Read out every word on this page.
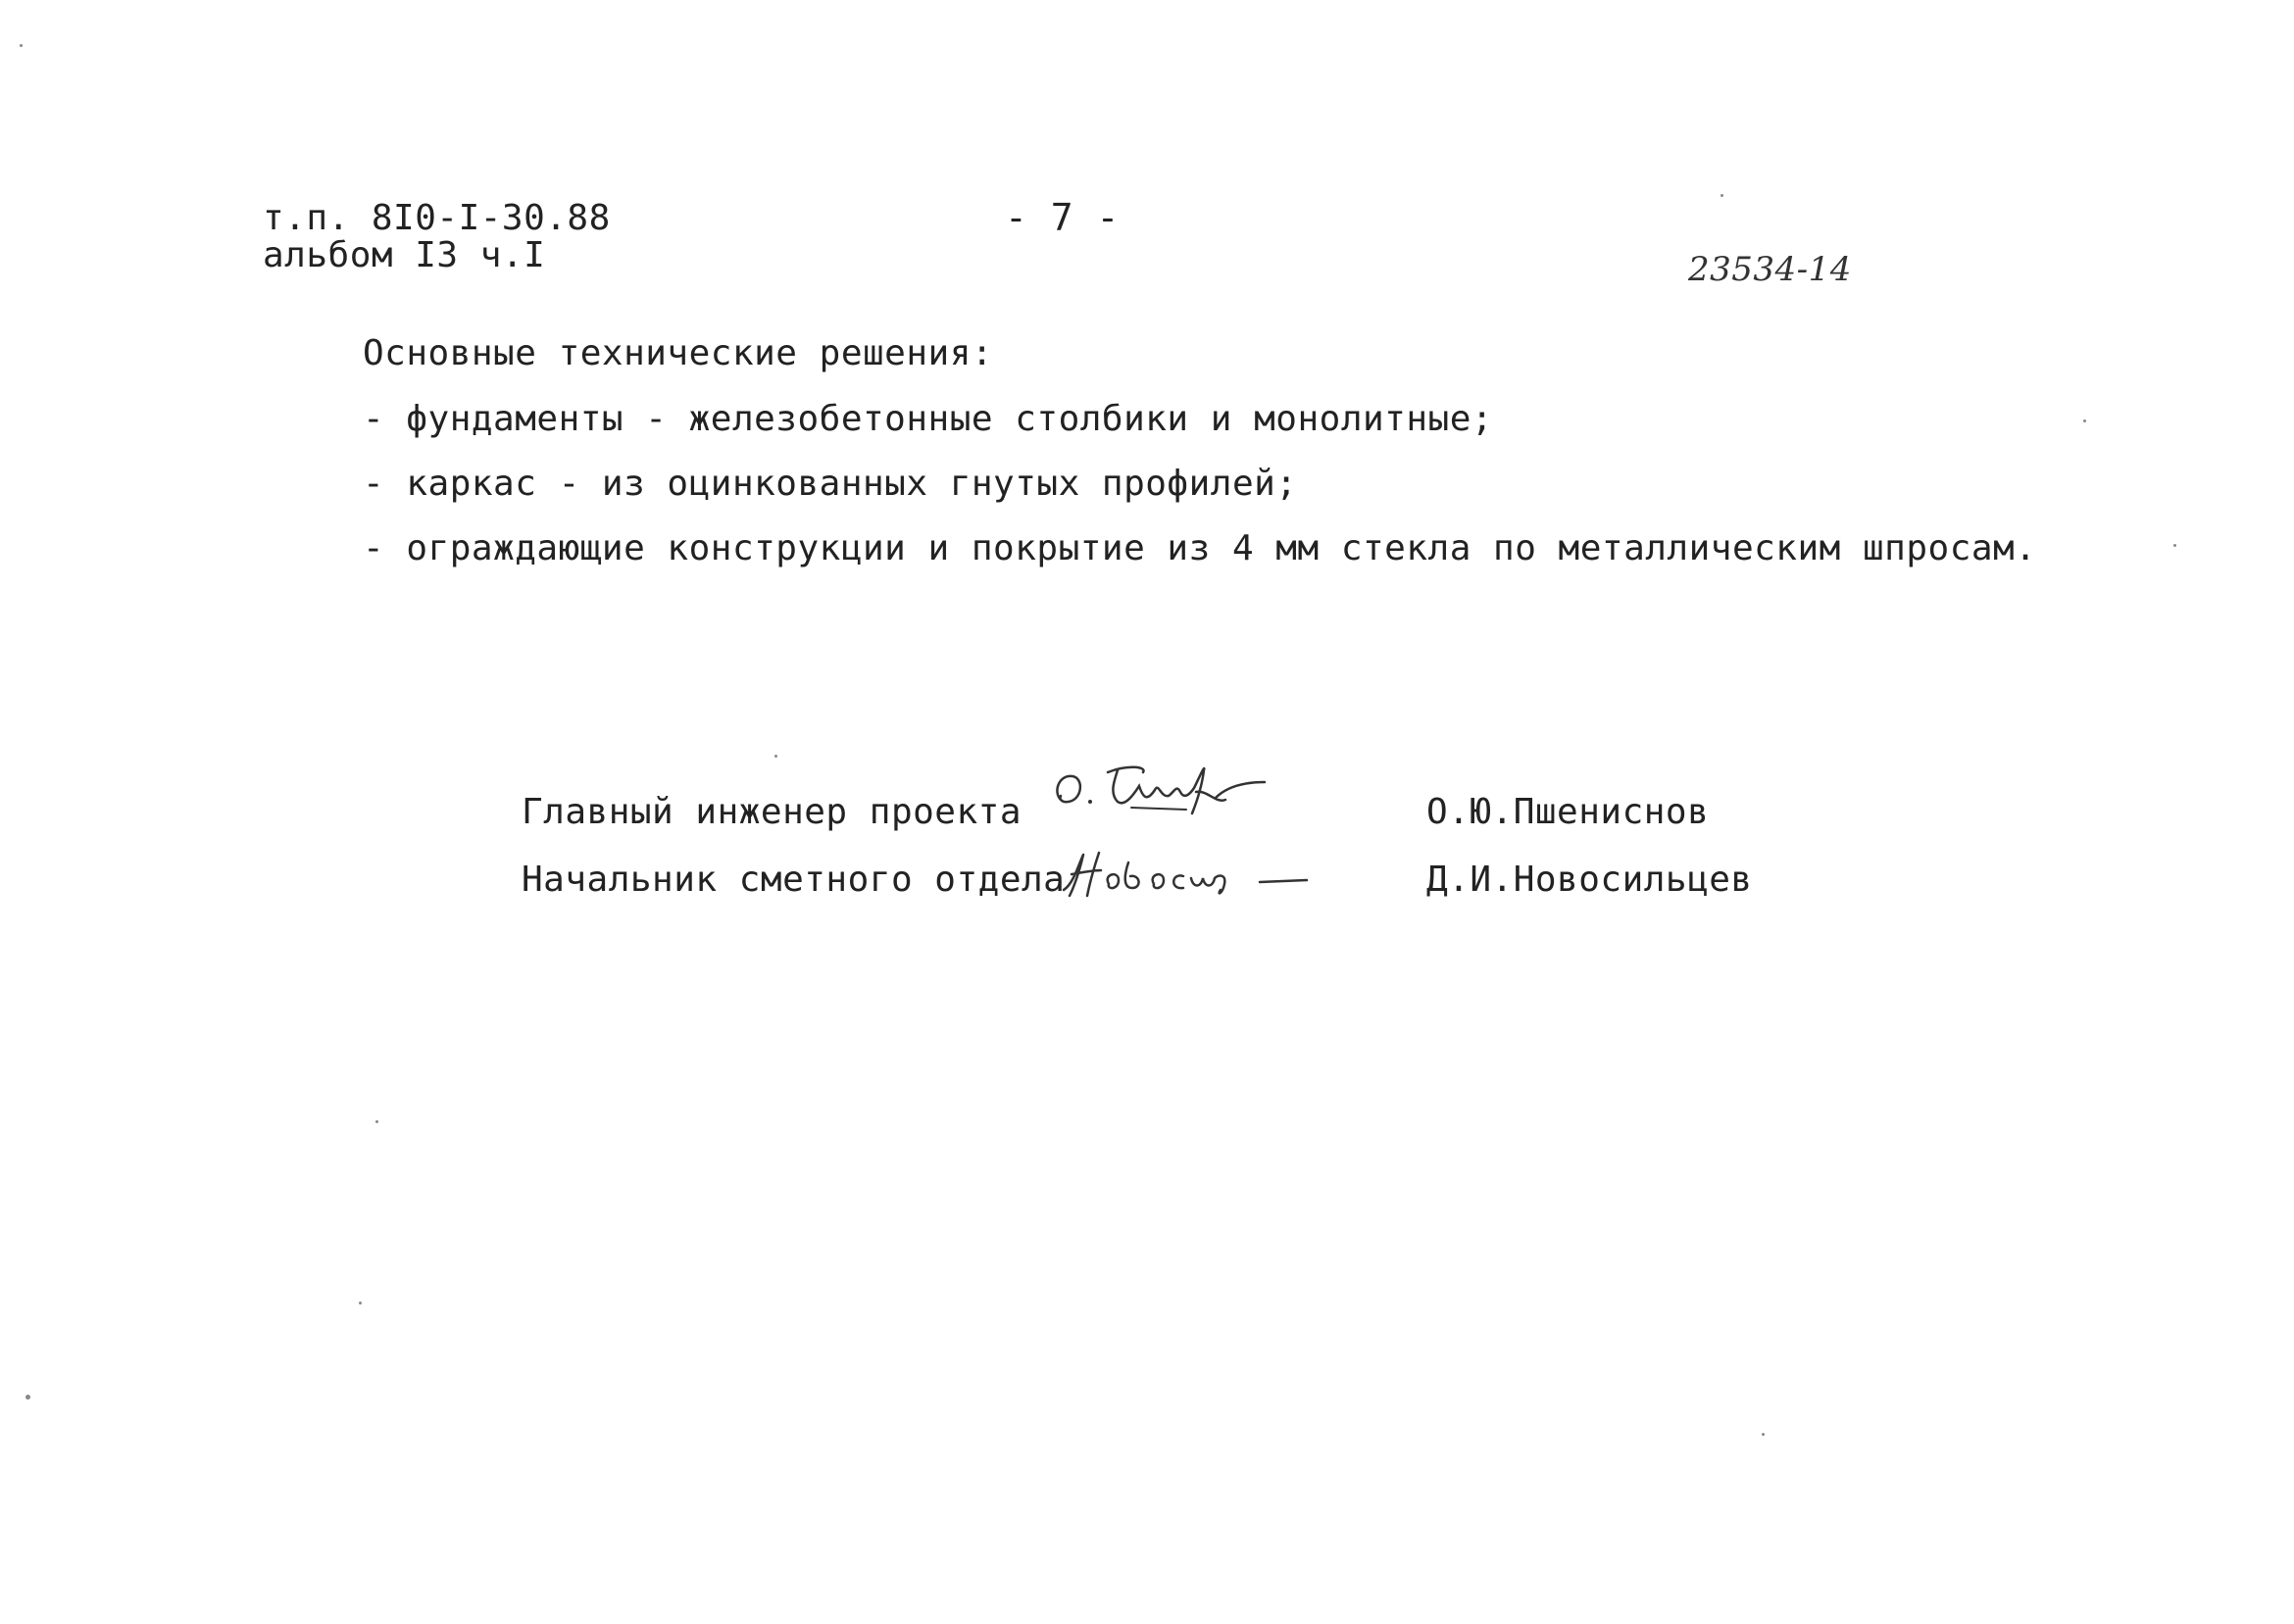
т.п. 8I0-I-30.88
альбом I3 ч.I
- 7 -
23534-14
Основные технические решения:
- фундаменты - железобетонные столбики и монолитные;
- каркас - из оцинкованных гнутых профилей;
- ограждающие конструкции и покрытие из 4 мм стекла по металлическим шпросам.
Главный инженер проекта	О.Ю.Пшениснов
Начальник сметного отдела	Д.И.Новосильцев
